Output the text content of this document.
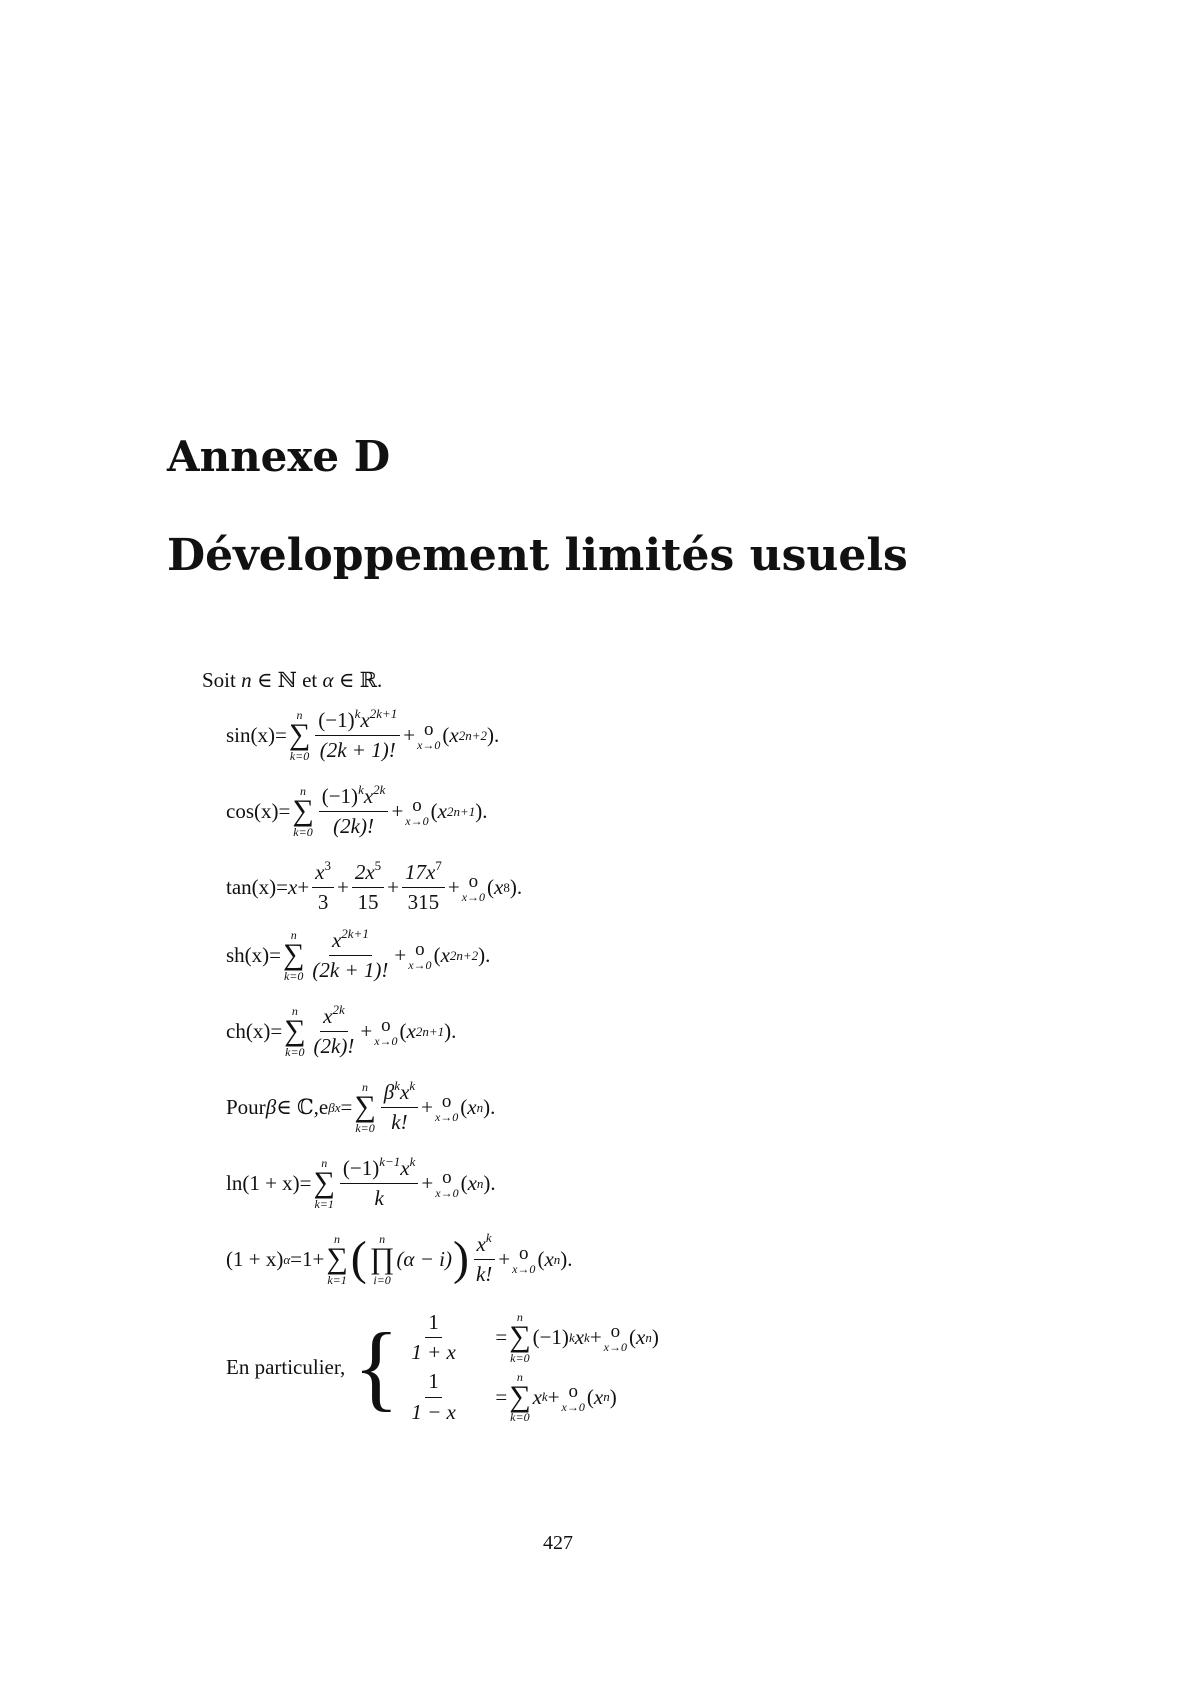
Annexe D
Développement limités usuels
Soit n ∈ ℕ et α ∈ ℝ.
sin(x) =
n
∑
$k=0 \frac{(-1)^kx^{2k+1}}{(2k + 1)!} + o$
x→0 ( x 2n+2 ) .
cos(x) =
n
∑
$k=0 \frac{(-1)^kx^{2k}}{(2k)!} + o$
x→0 ( x 2n+1 ) .
$\tan(x) = x + \frac{x^3}{3} + \frac{2x^5}{15} + \frac{17x^7}{315} + o$
x→0 ( x 8 ) .
sh(x) =
n
∑
$k=0 \frac{x^{2k+1}}{(2k + 1)!} + o$
x→0 ( x 2n+2 ) .
ch(x) =
n
∑
$k=0 \frac{x^{2k}}{(2k)!} + o$
x→0 ( x 2n+1 ) .
Pour β ∈ ℂ, e βx =
n
∑
$k=0 \frac{\beta^kx^k}{k!} + o$
x→0 ( x n ) .
ln(1 + x) =
n
∑
$k=1 \frac{(-1)^{k-1}x^k}{k} + o$
x→0 ( x n ) .
(1 + x) α = 1 +
n
∑
k=1 ( n
∏
i=0
(α − i) ) $\frac{x^k}{k!} + o$
x→0 ( x n ) .
En particulier, { $\frac{1}{1 + x}$ =
n
∑
k=0
(−1) k x k + o
x→0 ( x n )
$\frac{1}{1 - x}$ =
n
∑
k=0
x k + o
x→0 ( x n )
427
